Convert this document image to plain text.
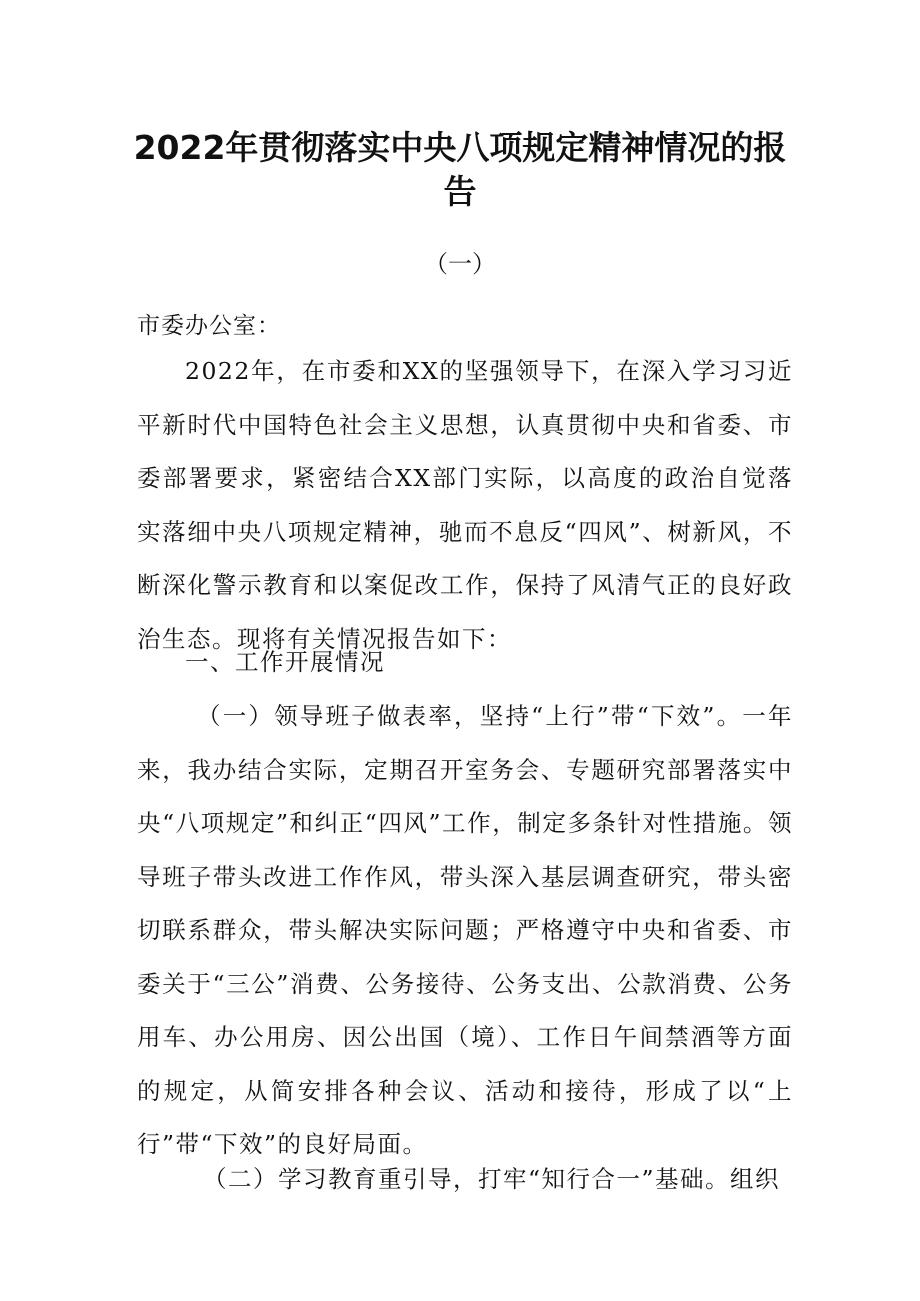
2022年贯彻落实中央八项规定精神情况的报告
（一）
市委办公室：

2022年，在市委和XX的坚强领导下，在深入学习习近平新时代中国特色社会主义思想，认真贯彻中央和省委、市委部署要求，紧密结合XX部门实际，以高度的政治自觉落实落细中央八项规定精神，驰而不息反“四风”、树新风，不断深化警示教育和以案促改工作，保持了风清气正的良好政治生态。现将有关情况报告如下：

一、工作开展情况

（一）领导班子做表率，坚持“上行”带“下效”。一年来，我办结合实际，定期召开室务会、专题研究部署落实中央“八项规定”和纠正“四风”工作，制定多条针对性措施。领导班子带头改进工作作风，带头深入基层调查研究，带头密切联系群众，带头解决实际问题；严格遵守中央和省委、市委关于“三公”消费、公务接待、公务支出、公款消费、公务用车、办公用房、因公出国（境）、工作日午间禁酒等方面的规定，从简安排各种会议、活动和接待，形成了以“上行”带“下效”的良好局面。

（二）学习教育重引导，打牢“知行合一”基础。组织
